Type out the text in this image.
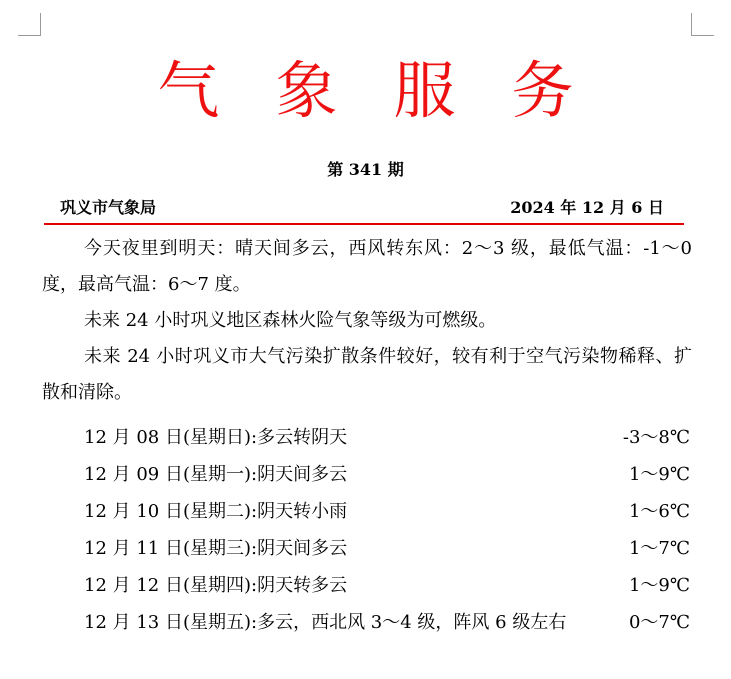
气象服务
第 341 期
巩义市气象局	2024 年 12 月 6 日

今天夜里到明天：晴天间多云，西风转东风：2～3 级，最低气温：-1～0 度，最高气温：6～7 度。

未来 24 小时巩义地区森林火险气象等级为可燃级。

未来 24 小时巩义市大气污染扩散条件较好，较有利于空气污染物稀释、扩散和清除。

12 月 08 日(星期日):多云转阴天	-3～8℃
12 月 09 日(星期一):阴天间多云	1～9℃
12 月 10 日(星期二):阴天转小雨	1～6℃
12 月 11 日(星期三):阴天间多云	1～7℃
12 月 12 日(星期四):阴天转多云	1～9℃
12 月 13 日(星期五):多云，西北风 3～4 级，阵风 6 级左右	0～7℃
